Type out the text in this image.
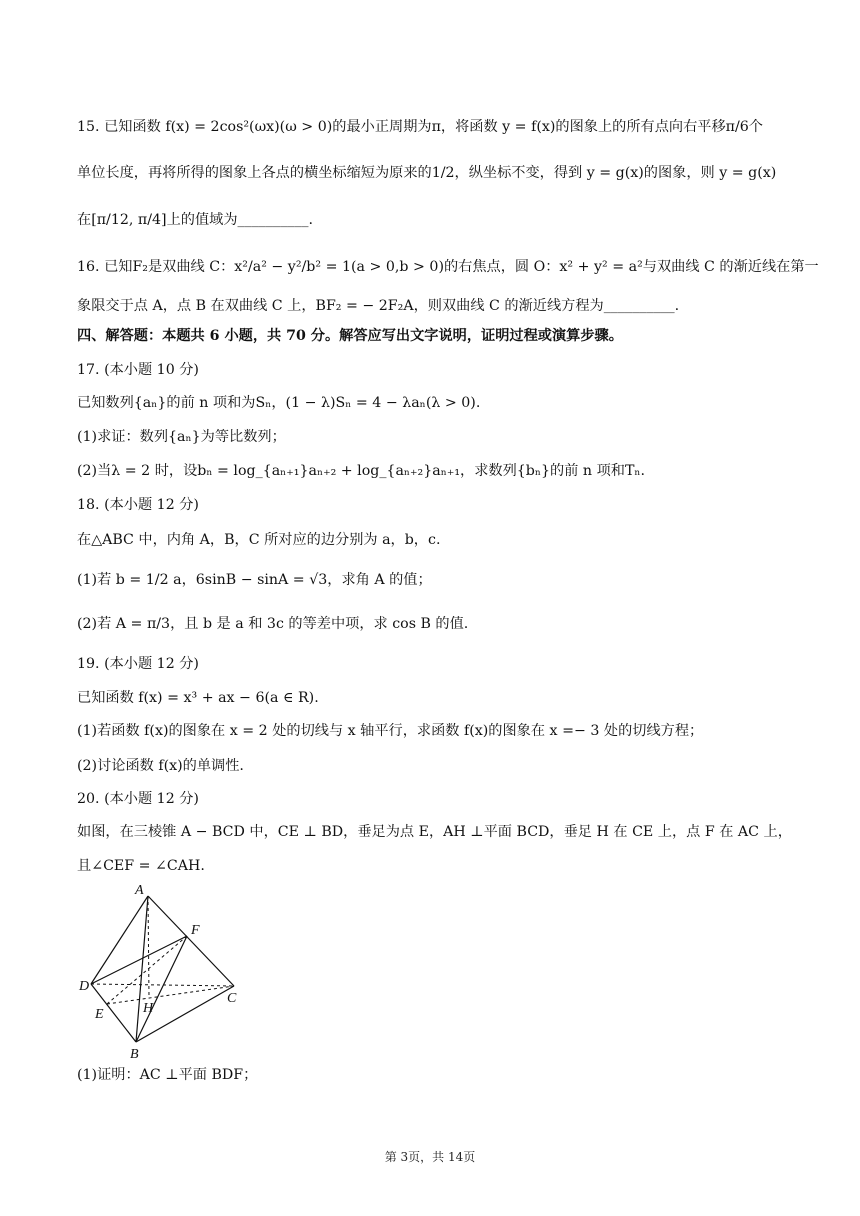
15. 已知函数 f(x) = 2cos²(ωx)(ω > 0)的最小正周期为π，将函数 y = f(x)的图象上的所有点向右平移π/6个
单位长度，再将所得的图象上各点的横坐标缩短为原来的1/2，纵坐标不变，得到 y = g(x)的图象，则 y = g(x)
在[π/12, π/4]上的值域为__________.
16. 已知F₂是双曲线 C：x²/a² − y²/b² = 1(a > 0,b > 0)的右焦点，圆 O：x² + y² = a²与双曲线 C 的渐近线在第一
象限交于点 A，点 B 在双曲线 C 上，BF₂ = − 2F₂A，则双曲线 C 的渐近线方程为__________.
四、解答题：本题共 6 小题，共 70 分。解答应写出文字说明，证明过程或演算步骤。
17. (本小题 10 分)
已知数列{aₙ}的前 n 项和为Sₙ，(1 − λ)Sₙ = 4 − λaₙ(λ > 0).
(1)求证：数列{aₙ}为等比数列；
(2)当λ = 2 时，设bₙ = log_{aₙ₊₁}aₙ₊₂ + log_{aₙ₊₂}aₙ₊₁，求数列{bₙ}的前 n 项和Tₙ.
18. (本小题 12 分)
在△ABC 中，内角 A，B，C 所对应的边分别为 a，b，c.
(1)若 b = 1/2 a，6sinB − sinA = √3，求角 A 的值；
(2)若 A = π/3，且 b 是 a 和 3c 的等差中项，求 cos B 的值.
19. (本小题 12 分)
已知函数 f(x) = x³ + ax − 6(a ∈ R).
(1)若函数 f(x)的图象在 x = 2 处的切线与 x 轴平行，求函数 f(x)的图象在 x =− 3 处的切线方程；
(2)讨论函数 f(x)的单调性.
20. (本小题 12 分)
如图，在三棱锥 A − BCD 中，CE ⊥ BD，垂足为点 E，AH ⊥平面 BCD，垂足 H 在 CE 上，点 F 在 AC 上，
且∠CEF = ∠CAH.
A
F
D
C
E	H
B
(1)证明：AC ⊥平面 BDF；
第 3页，共 14页
